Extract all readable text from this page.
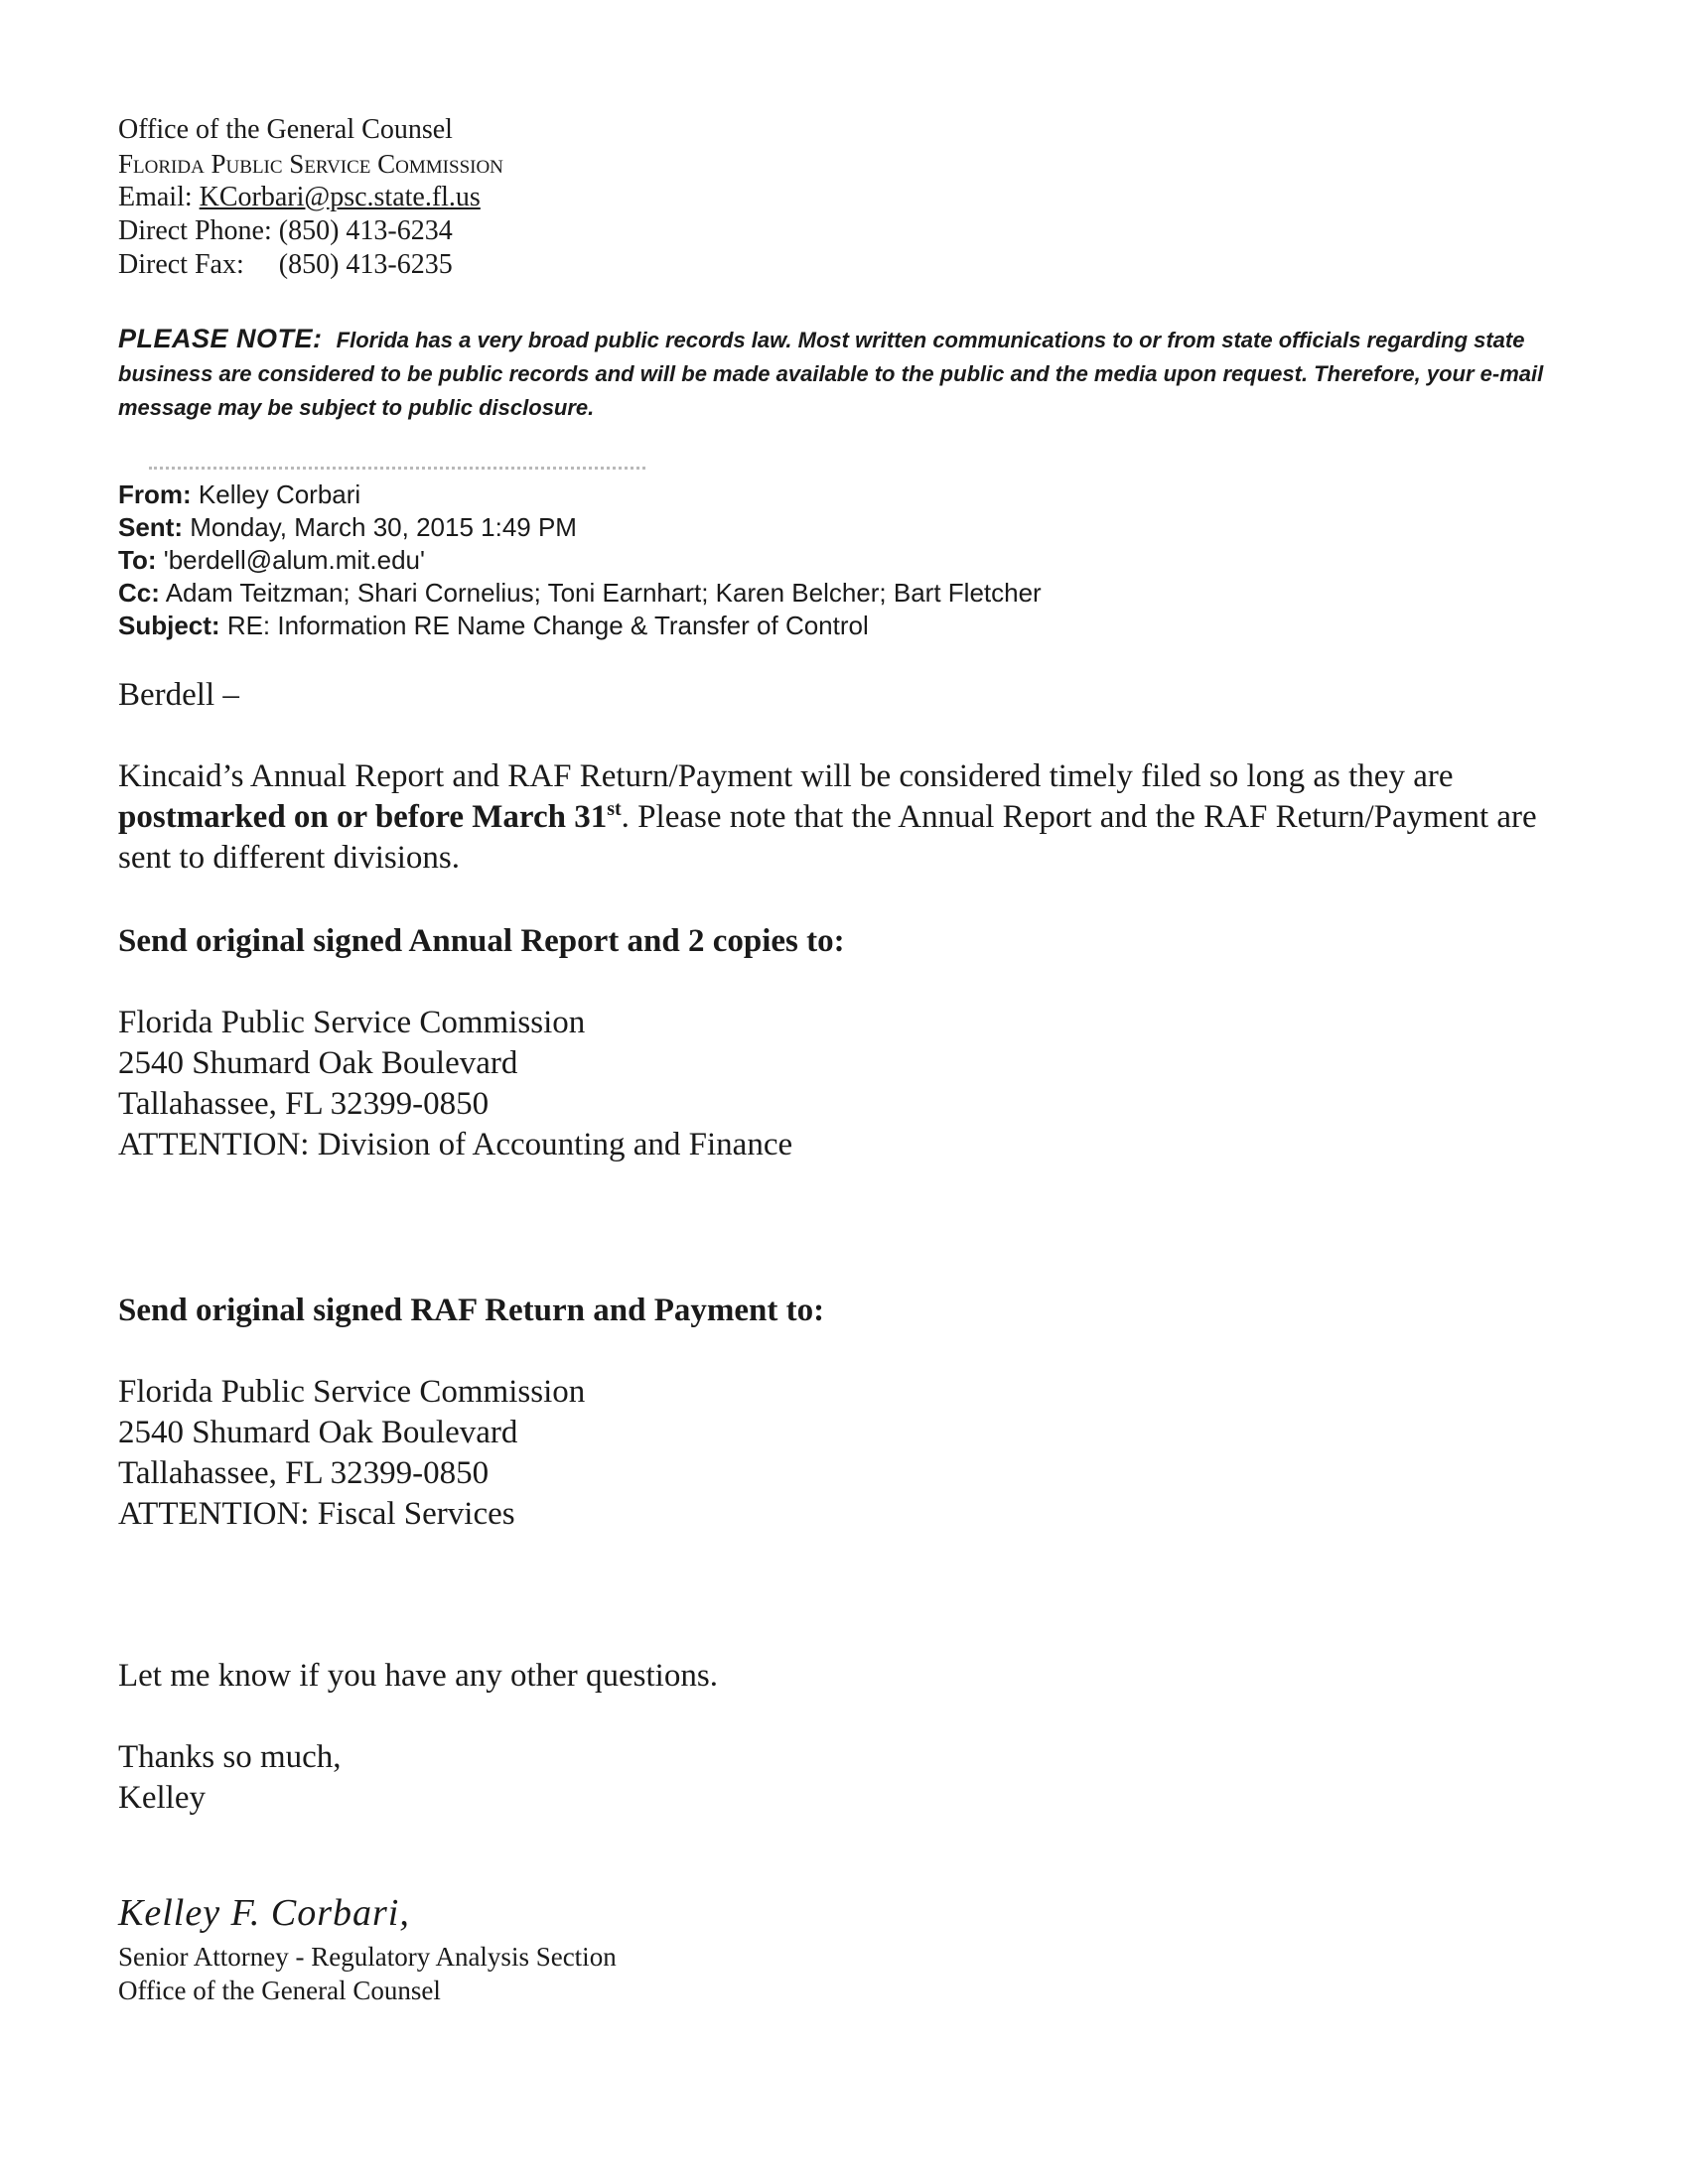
Office of the General Counsel
Florida Public Service Commission
Email: KCorbari@psc.state.fl.us
Direct Phone: (850) 413-6234
Direct Fax: (850) 413-6235
PLEASE NOTE: Florida has a very broad public records law. Most written communications to or from state officials regarding state business are considered to be public records and will be made available to the public and the media upon request. Therefore, your e-mail message may be subject to public disclosure.
From: Kelley Corbari
Sent: Monday, March 30, 2015 1:49 PM
To: 'berdell@alum.mit.edu'
Cc: Adam Teitzman; Shari Cornelius; Toni Earnhart; Karen Belcher; Bart Fletcher
Subject: RE: Information RE Name Change & Transfer of Control
Berdell –
Kincaid’s Annual Report and RAF Return/Payment will be considered timely filed so long as they are postmarked on or before March 31st. Please note that the Annual Report and the RAF Return/Payment are sent to different divisions.
Send original signed Annual Report and 2 copies to:
Florida Public Service Commission
2540 Shumard Oak Boulevard
Tallahassee, FL 32399-0850
ATTENTION: Division of Accounting and Finance
Send original signed RAF Return and Payment to:
Florida Public Service Commission
2540 Shumard Oak Boulevard
Tallahassee, FL 32399-0850
ATTENTION: Fiscal Services
Let me know if you have any other questions.
Thanks so much,
Kelley
Kelley F. Corbari,
Senior Attorney - Regulatory Analysis Section
Office of the General Counsel
